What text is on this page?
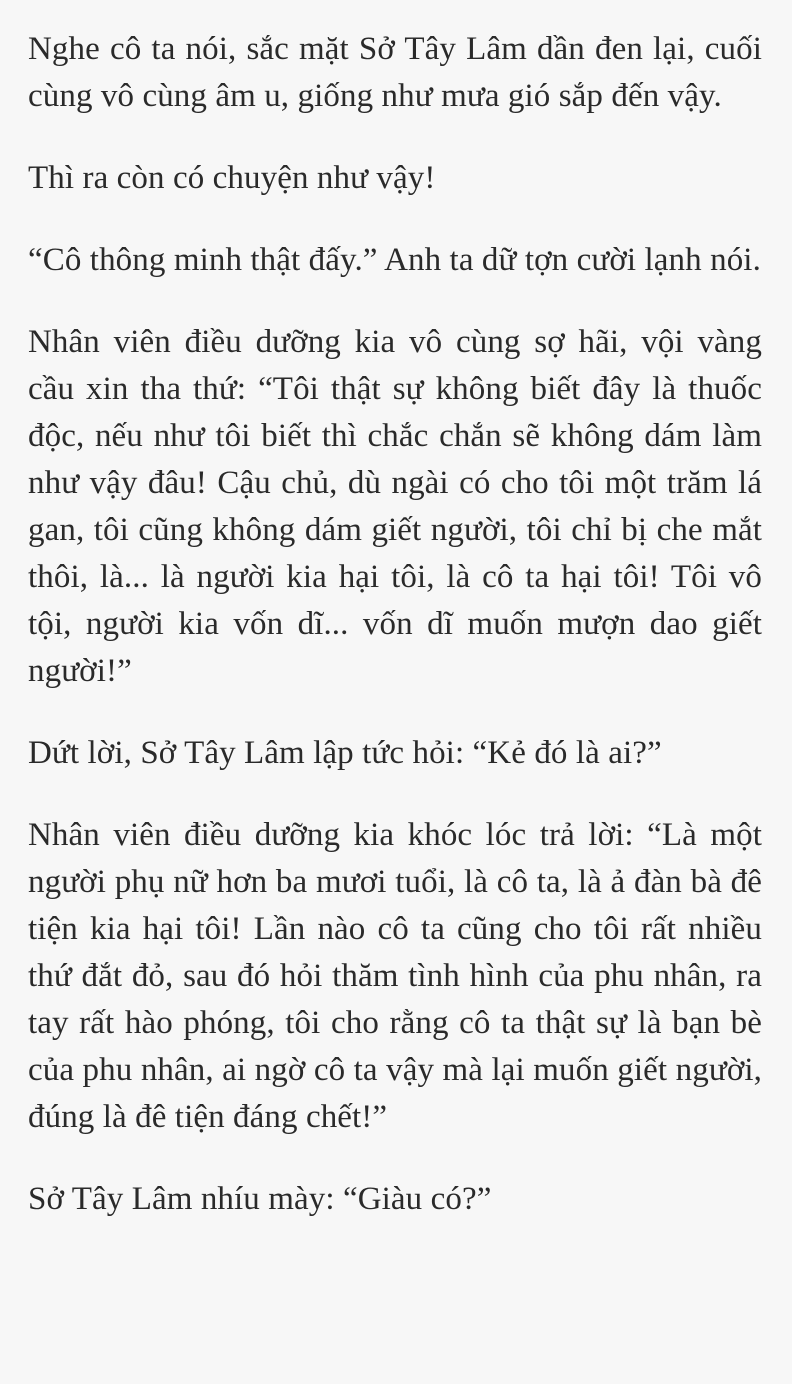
Nghe cô ta nói, sắc mặt Sở Tây Lâm dần đen lại, cuối cùng vô cùng âm u, giống như mưa gió sắp đến vậy.

Thì ra còn có chuyện như vậy!

“Cô thông minh thật đấy.” Anh ta dữ tợn cười lạnh nói.

Nhân viên điều dưỡng kia vô cùng sợ hãi, vội vàng cầu xin tha thứ: “Tôi thật sự không biết đây là thuốc độc, nếu như tôi biết thì chắc chắn sẽ không dám làm như vậy đâu! Cậu chủ, dù ngài có cho tôi một trăm lá gan, tôi cũng không dám giết người, tôi chỉ bị che mắt thôi, là... là người kia hại tôi, là cô ta hại tôi! Tôi vô tội, người kia vốn dĩ... vốn dĩ muốn mượn dao giết người!”

Dứt lời, Sở Tây Lâm lập tức hỏi: “Kẻ đó là ai?”

Nhân viên điều dưỡng kia khóc lóc trả lời: “Là một người phụ nữ hơn ba mươi tuổi, là cô ta, là ả đàn bà đê tiện kia hại tôi! Lần nào cô ta cũng cho tôi rất nhiều thứ đắt đỏ, sau đó hỏi thăm tình hình của phu nhân, ra tay rất hào phóng, tôi cho rằng cô ta thật sự là bạn bè của phu nhân, ai ngờ cô ta vậy mà lại muốn giết người, đúng là đê tiện đáng chết!”

Sở Tây Lâm nhíu mày: “Giàu có?”
